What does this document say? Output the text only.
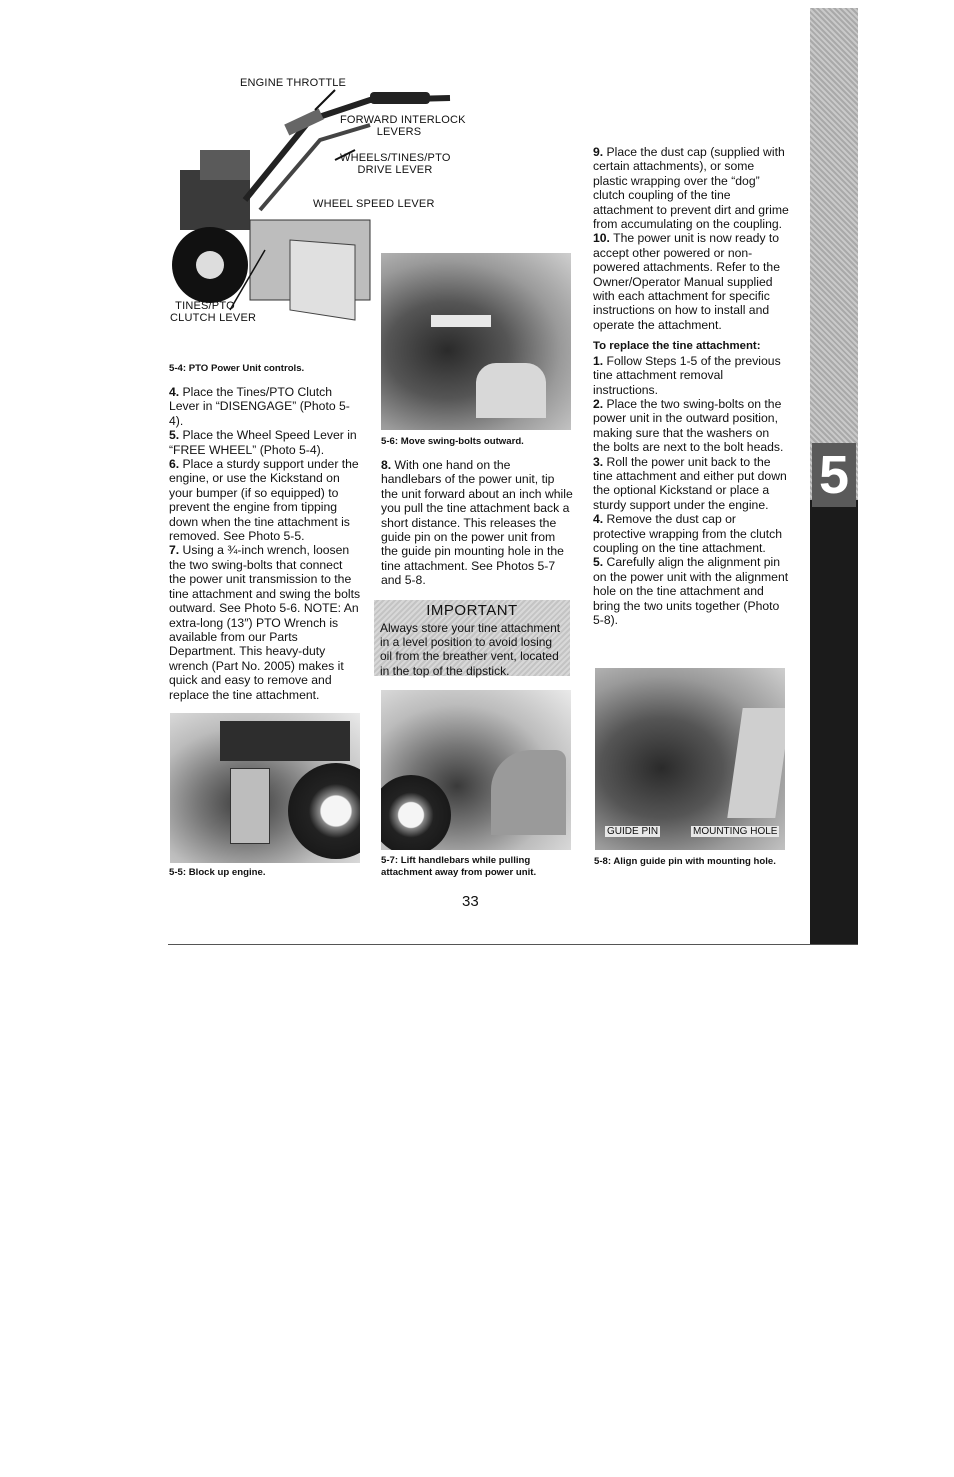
5
ENGINE THROTTLE
FORWARD INTERLOCK
LEVERS
WHEELS/TINES/PTO
DRIVE LEVER
WHEEL SPEED LEVER
TINES/PTO
CLUTCH LEVER
5-4: PTO Power Unit controls.

4. Place the Tines/PTO Clutch Lever in “DISENGAGE” (Photo 5-4).

5. Place the Wheel Speed Lever in “FREE WHEEL” (Photo 5-4).

6. Place a sturdy support under the engine, or use the Kickstand on your bumper (if so equipped) to prevent the engine from tipping down when the tine attachment is removed. See Photo 5-5.

7. Using a ¾-inch wrench, loosen the two swing-bolts that connect the power unit transmission to the tine attachment and swing the bolts outward. See Photo 5-6. NOTE: An extra-long (13″) PTO Wrench is available from our Parts Department. This heavy-duty wrench (Part No. 2005) makes it quick and easy to remove and replace the tine attachment.

5-5: Block up engine.
5-6: Move swing-bolts outward.

8. With one hand on the handlebars of the power unit, tip the unit forward about an inch while you pull the tine attachment back a short distance. This releases the guide pin on the power unit from the guide pin mounting hole in the tine attachment. See Photos 5-7 and 5-8.

IMPORTANT
Always store your tine attachment in a level position to avoid losing oil from the breather vent, located in the top of the dipstick.
5-7: Lift handlebars while pulling attachment away from power unit.

9. Place the dust cap (supplied with certain attachments), or some plastic wrapping over the “dog” clutch coupling of the tine attachment to prevent dirt and grime from accumulating on the coupling.

10. The power unit is now ready to accept other powered or non-powered attachments. Refer to the Owner/Operator Manual supplied with each attachment for specific instructions on how to install and operate the attachment.

To replace the tine attachment:

1. Follow Steps 1-5 of the previous tine attachment removal instructions.

2. Place the two swing-bolts on the power unit in the outward position, making sure that the washers on the bolts are next to the bolt heads.

3. Roll the power unit back to the tine attachment and either put down the optional Kickstand or place a sturdy support under the engine.

4. Remove the dust cap or protective wrapping from the clutch coupling on the tine attachment.

5. Carefully align the alignment pin on the power unit with the alignment hole on the tine attachment and bring the two units together (Photo 5-8).

GUIDE PIN	MOUNTING HOLE
5-8: Align guide pin with mounting hole.
33
